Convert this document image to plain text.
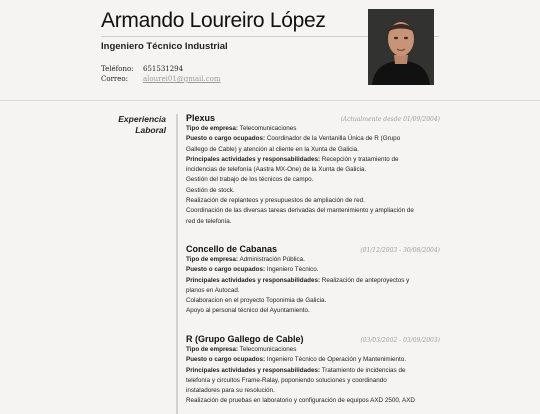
Armando Loureiro López
Ingeniero Técnico Industrial
Teléfono:	651531294
Correo:	alourei01@gmail.com
Experiencia
Laboral
Plexus	(Actualmente desde 01/09/2004)
Tipo de empresa: Telecomunicaciones
Puesto o cargo ocupados: Coordinador de la Ventanilla Única de R (Grupo
Gallego de Cable) y atención al cliente en la Xunta de Galicia.
Principales actividades y responsabilidades: Recepción y tratamiento de
incidencias de telefonía (Aastra MX-One) de la Xunta de Galicia.
Gestión del trabajo de los técnicos de campo.
Gestión de stock.
Realización de replanteos y presupuestos de ampliación de red.
Coordinación de las diversas tareas derivadas del mantenimiento y ampliación de
red de telefonía.
Concello de Cabanas	(01/12/2003 - 30/08/2004)
Tipo de empresa: Administración Pública.
Puesto o cargo ocupados: Ingeniero Técnico.
Principales actividades y responsabilidades: Realización de anteproyectos y
planos en Autocad.
Colaboracion en el proyecto Toponimia de Galicia.
Apoyo al personal técnico del Ayuntamiento.
R (Grupo Gallego de Cable)	(03/03/2002 - 03/09/2003)
Tipo de empresa: Telecomunicaciones
Puesto o cargo ocupados: Ingeniero Técnico de Operación y Mantenimiento.
Principales actividades y responsabilidades: Tratamiento de incidencias de
telefonía y circuitos Frame-Ralay, poponiendo soluciones y coordinando
instaladores para su resolución.
Realización de pruebas en laboratorio y configuración de equipos AXD 2500, AXD
